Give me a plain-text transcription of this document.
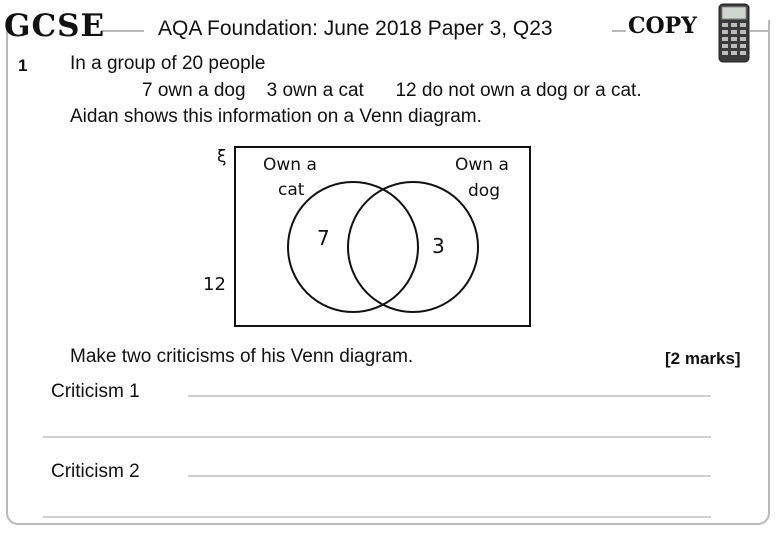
GCSE	AQA Foundation: June 2018 Paper 3, Q23	COPY
1 In a group of 20 people
7 own a dog    3 own a cat      12 do not own a dog or a cat.
Aidan shows this information on a Venn diagram.
ξ Own a
cat
Own a
dog
7	3
12
Make two criticisms of his Venn diagram.	[2 marks]
Criticism 1
Criticism 2
